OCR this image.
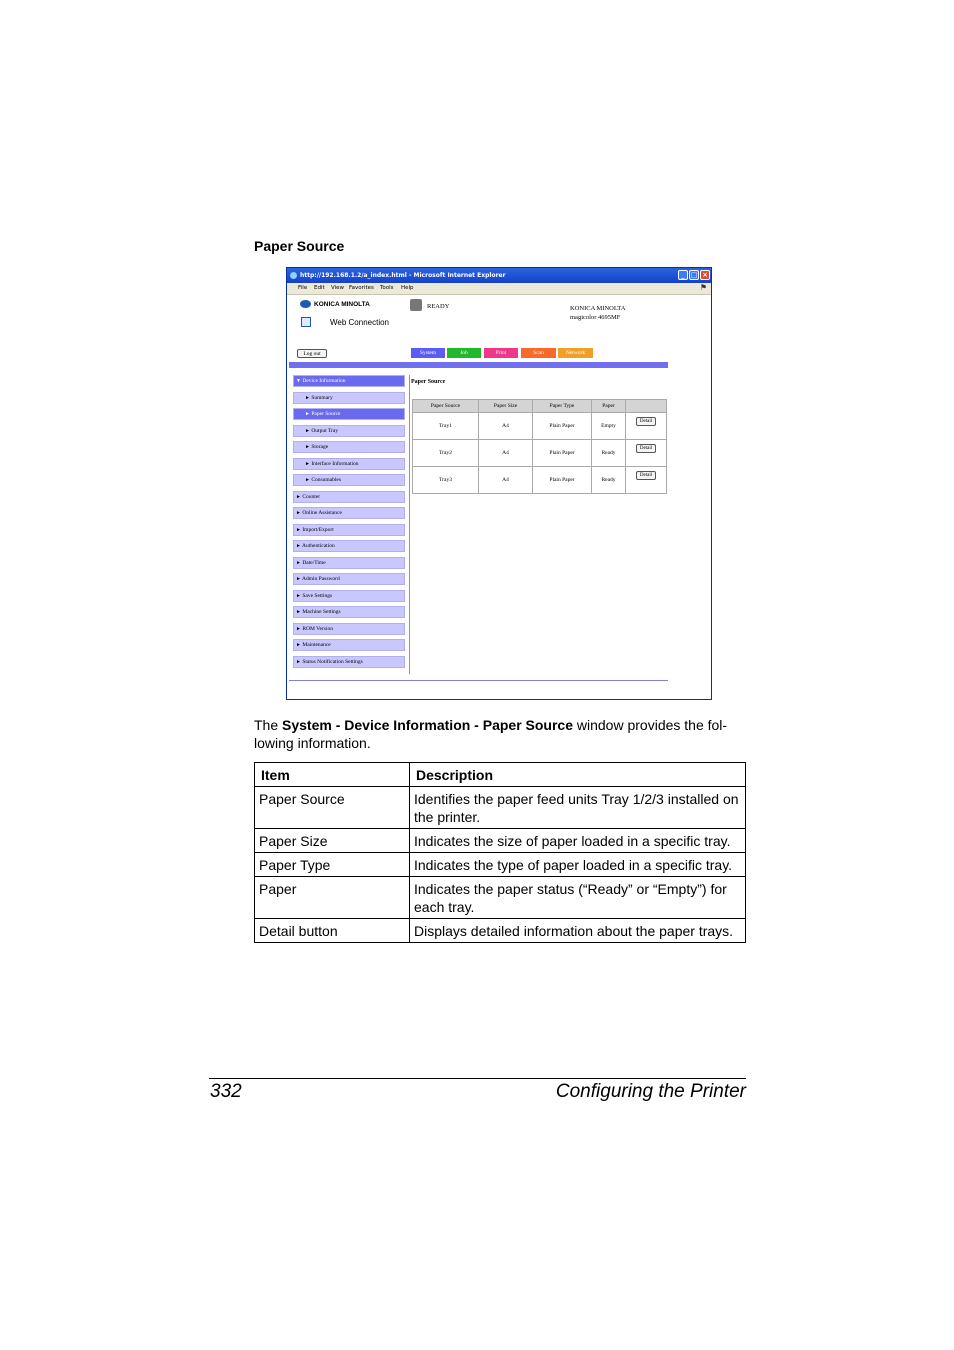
Paper Source
http://192.168.1.2/a_index.html - Microsoft Internet Explorer	_ □ ×
File Edit View Favorites Tools Help	⚑
KONICA MINOLTA
Web Connection
READY	KONICA MINOLTA
magicolor 4695MF
Log out	System	Job	Print	Scan	Network
▼ Device Information
► Summary
► Paper Source
► Output Tray
► Storage
► Interface Information
► Consumables
► Counter
► Online Assistance
► Import/Export
► Authentication
► Date/Time
► Admin Password
► Save Settings
► Machine Settings
► ROM Version
► Maintenance
► Status Notification Settings
Paper Source
Paper Source	Paper Size	Paper Type	Paper	
Tray1	A4	Plain Paper	Empty	Detail
Tray2	A4	Plain Paper	Ready	Detail
Tray3	A4	Plain Paper	Ready	Detail
The System - Device Information - Paper Source window provides the fol-lowing information.
Item	Description
Paper Source	Identifies the paper feed units Tray 1/2/3 installed on the printer.
Paper Size	Indicates the size of paper loaded in a specific tray.
Paper Type	Indicates the type of paper loaded in a specific tray.
Paper	Indicates the paper status (“Ready” or “Empty”) for each tray.
Detail button	Displays detailed information about the paper trays.
332	Configuring the Printer
